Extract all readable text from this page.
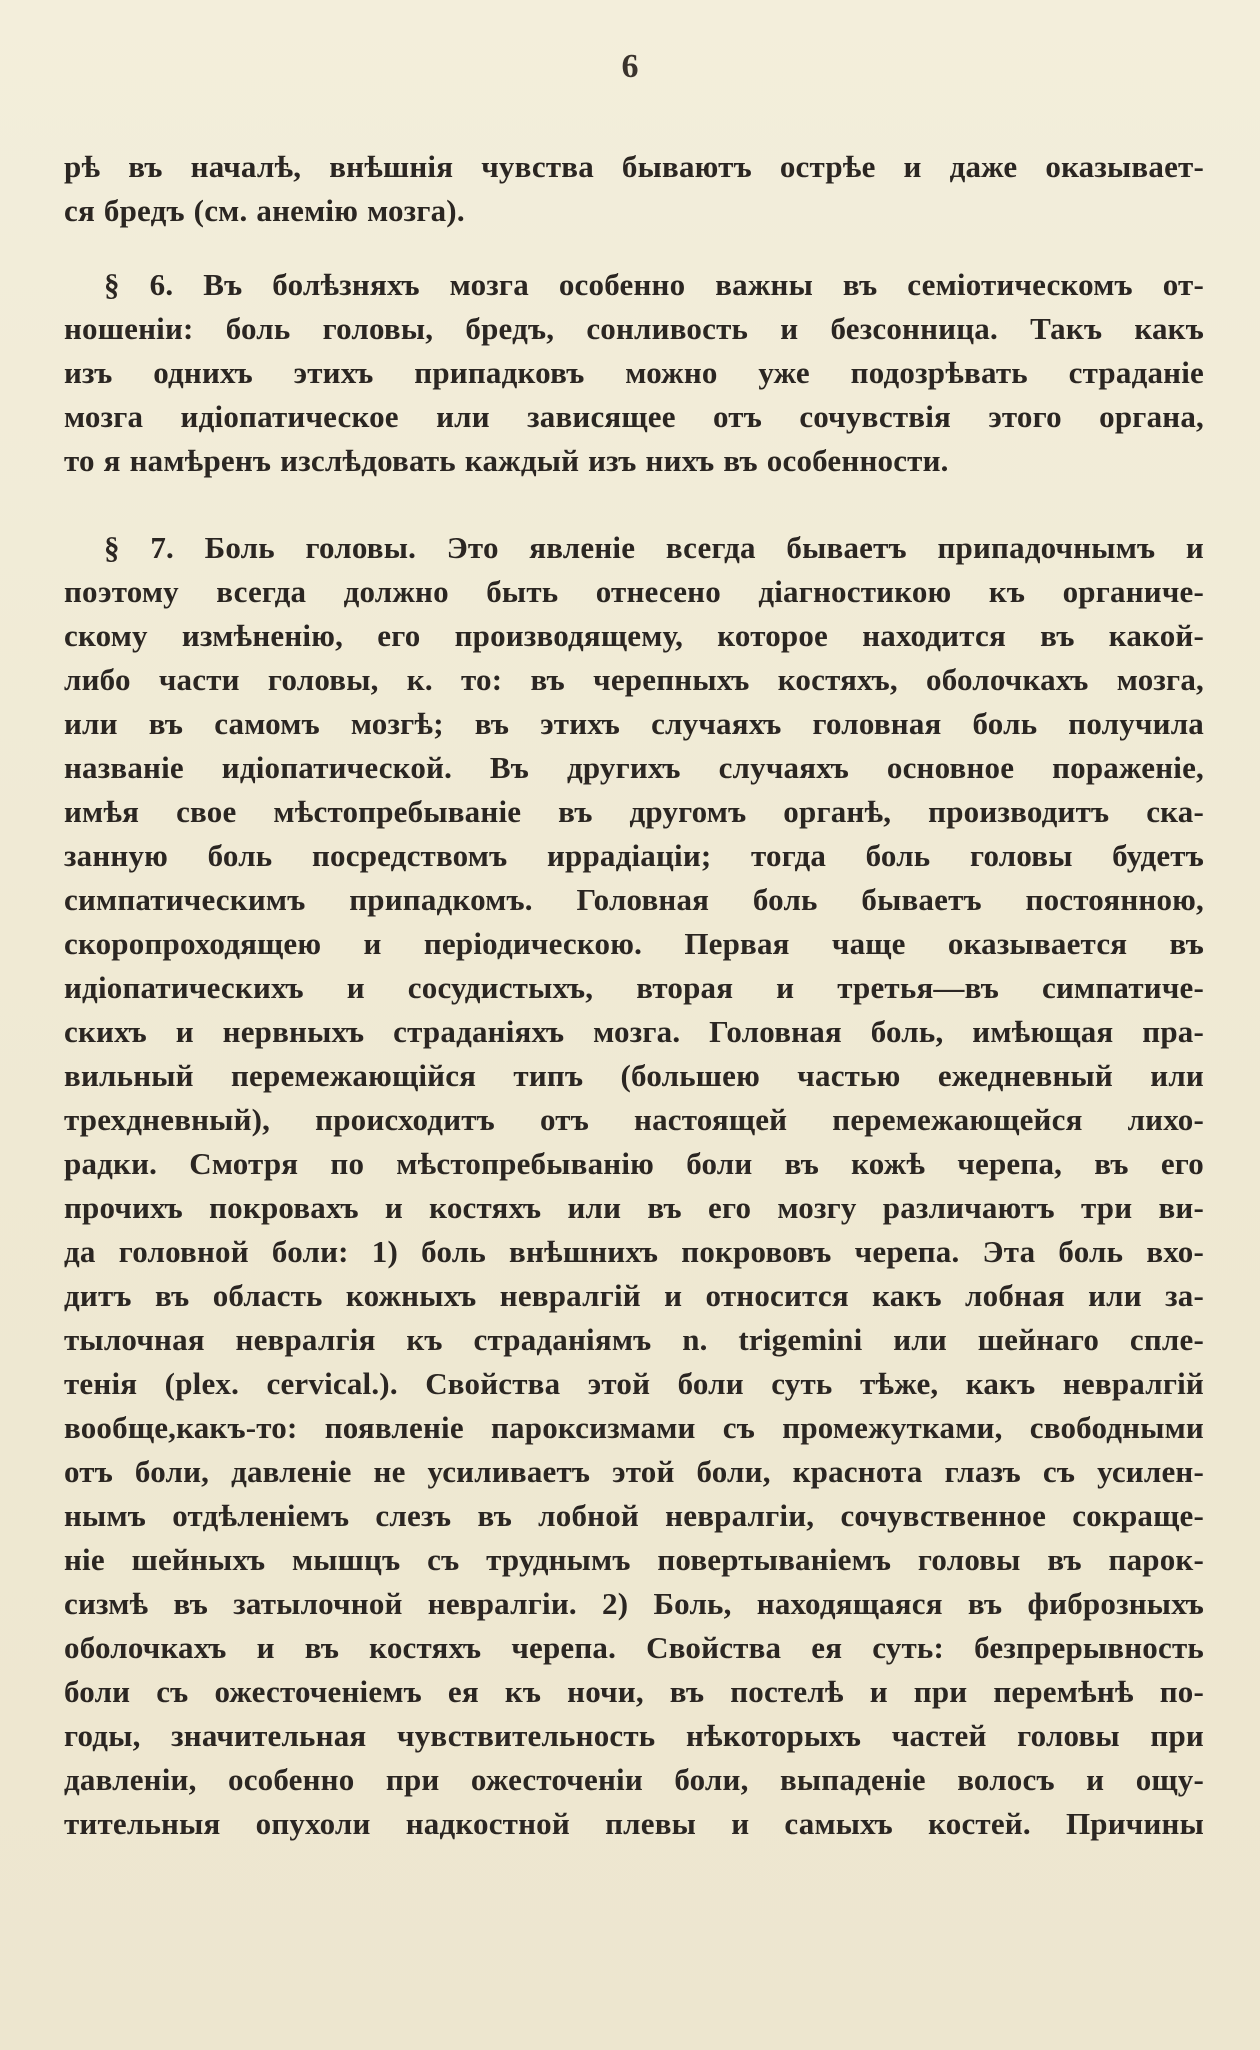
6
рѣ въ началѣ, внѣшнія чувства бываютъ острѣе и даже оказывает-
ся бредъ (см. анемію мозга).
§ 6. Въ болѣзняхъ мозга особенно важны въ семіотическомъ от-
ношеніи: боль головы, бредъ, сонливость и безсонница. Такъ какъ
изъ однихъ этихъ припадковъ можно уже подозрѣвать страданіе
мозга идіопатическое или зависящее отъ сочувствія этого органа,
то я намѣренъ изслѣдовать каждый изъ нихъ въ особенности.
§ 7. Боль головы. Это явленіе всегда бываетъ припадочнымъ и
поэтому всегда должно быть отнесено діагностикою къ органиче-
скому измѣненію, его производящему, которое находится въ какой-
либо части головы, к. то: въ черепныхъ костяхъ, оболочкахъ мозга,
или въ самомъ мозгѣ; въ этихъ случаяхъ головная боль получила
названіе идіопатической. Въ другихъ случаяхъ основное пораженіе,
имѣя свое мѣстопребываніе въ другомъ органѣ, производитъ ска-
занную боль посредствомъ иррадіаціи; тогда боль головы будетъ
симпатическимъ припадкомъ. Головная боль бываетъ постоянною,
скоропроходящею и періодическою. Первая чаще оказывается въ
идіопатическихъ и сосудистыхъ, вторая и третья—въ симпатиче-
скихъ и нервныхъ страданіяхъ мозга. Головная боль, имѣющая пра-
вильный перемежающійся типъ (большею частью ежедневный или
трехдневный), происходитъ отъ настоящей перемежающейся лихо-
радки. Смотря по мѣстопребыванію боли въ кожѣ черепа, въ его
прочихъ покровахъ и костяхъ или въ его мозгу различаютъ три ви-
да головной боли: 1) боль внѣшнихъ покрововъ черепа. Эта боль вхо-
дитъ въ область кожныхъ невралгій и относится какъ лобная или за-
тылочная невралгія къ страданіямъ n. trigemini или шейнаго спле-
тенія (plex. cervical.). Свойства этой боли суть тѣже, какъ невралгій
вообще,какъ-то: появленіе пароксизмами съ промежутками, свободными
отъ боли, давленіе не усиливаетъ этой боли, краснота глазъ съ усилен-
нымъ отдѣленіемъ слезъ въ лобной невралгіи, сочувственное сокраще-
ніе шейныхъ мышцъ съ труднымъ повертываніемъ головы въ парок-
сизмѣ въ затылочной невралгіи. 2) Боль, находящаяся въ фиброзныхъ
оболочкахъ и въ костяхъ черепа. Свойства ея суть: безпрерывность
боли съ ожесточеніемъ ея къ ночи, въ постелѣ и при перемѣнѣ по-
годы, значительная чувствительность нѣкоторыхъ частей головы при
давленіи, особенно при ожесточеніи боли, выпаденіе волосъ и ощу-
тительныя опухоли надкостной плевы и самыхъ костей. Причины
